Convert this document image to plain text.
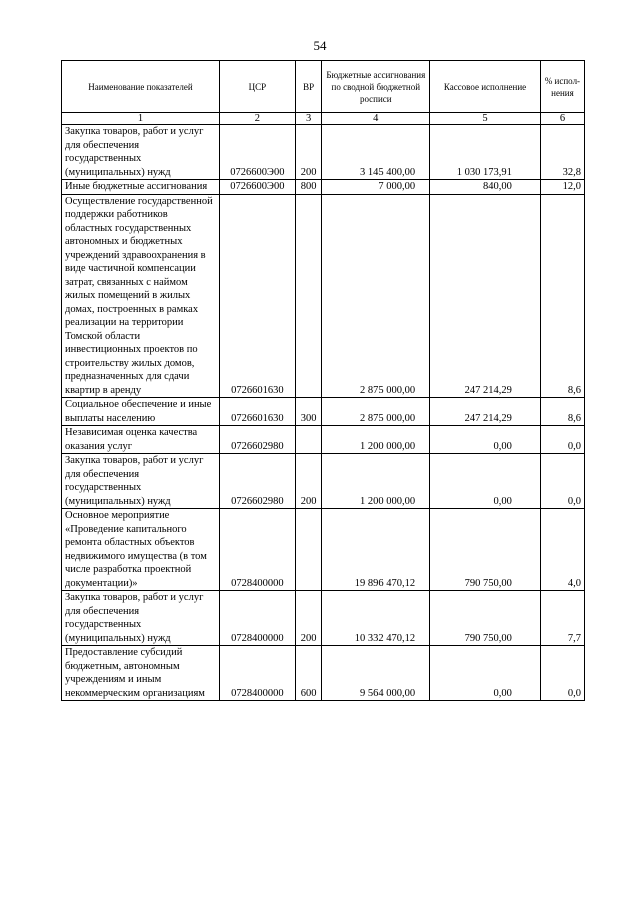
54
Наименование показателей	ЦСР	ВР	Бюджетные ассигнования по сводной бюджетной росписи	Кассовое исполнение	% испол-нения
1	2	3	4	5	6
Закупка товаров, работ и услуг для обеспечения государственных (муниципальных) нужд	0726600Э00	200	3 145 400,00	1 030 173,91	32,8
Иные бюджетные ассигнования	0726600Э00	800	7 000,00	840,00	12,0
Осуществление государственной поддержки работников областных государственных автономных и бюджетных учреждений здравоохранения в виде частичной компенсации затрат, связанных с наймом жилых помещений в жилых домах, построенных в рамках реализации на территории Томской области инвестиционных проектов по строительству жилых домов, предназначенных для сдачи квартир в аренду	0726601630		2 875 000,00	247 214,29	8,6
Социальное обеспечение и иные выплаты населению	0726601630	300	2 875 000,00	247 214,29	8,6
Независимая оценка качества оказания услуг	0726602980		1 200 000,00	0,00	0,0
Закупка товаров, работ и услуг для обеспечения государственных (муниципальных) нужд	0726602980	200	1 200 000,00	0,00	0,0
Основное мероприятие «Проведение капитального ремонта областных объектов недвижимого имущества (в том числе разработка проектной документации)»	0728400000		19 896 470,12	790 750,00	4,0
Закупка товаров, работ и услуг для обеспечения государственных (муниципальных) нужд	0728400000	200	10 332 470,12	790 750,00	7,7
Предоставление субсидий бюджетным, автономным учреждениям и иным некоммерческим организациям	0728400000	600	9 564 000,00	0,00	0,0
